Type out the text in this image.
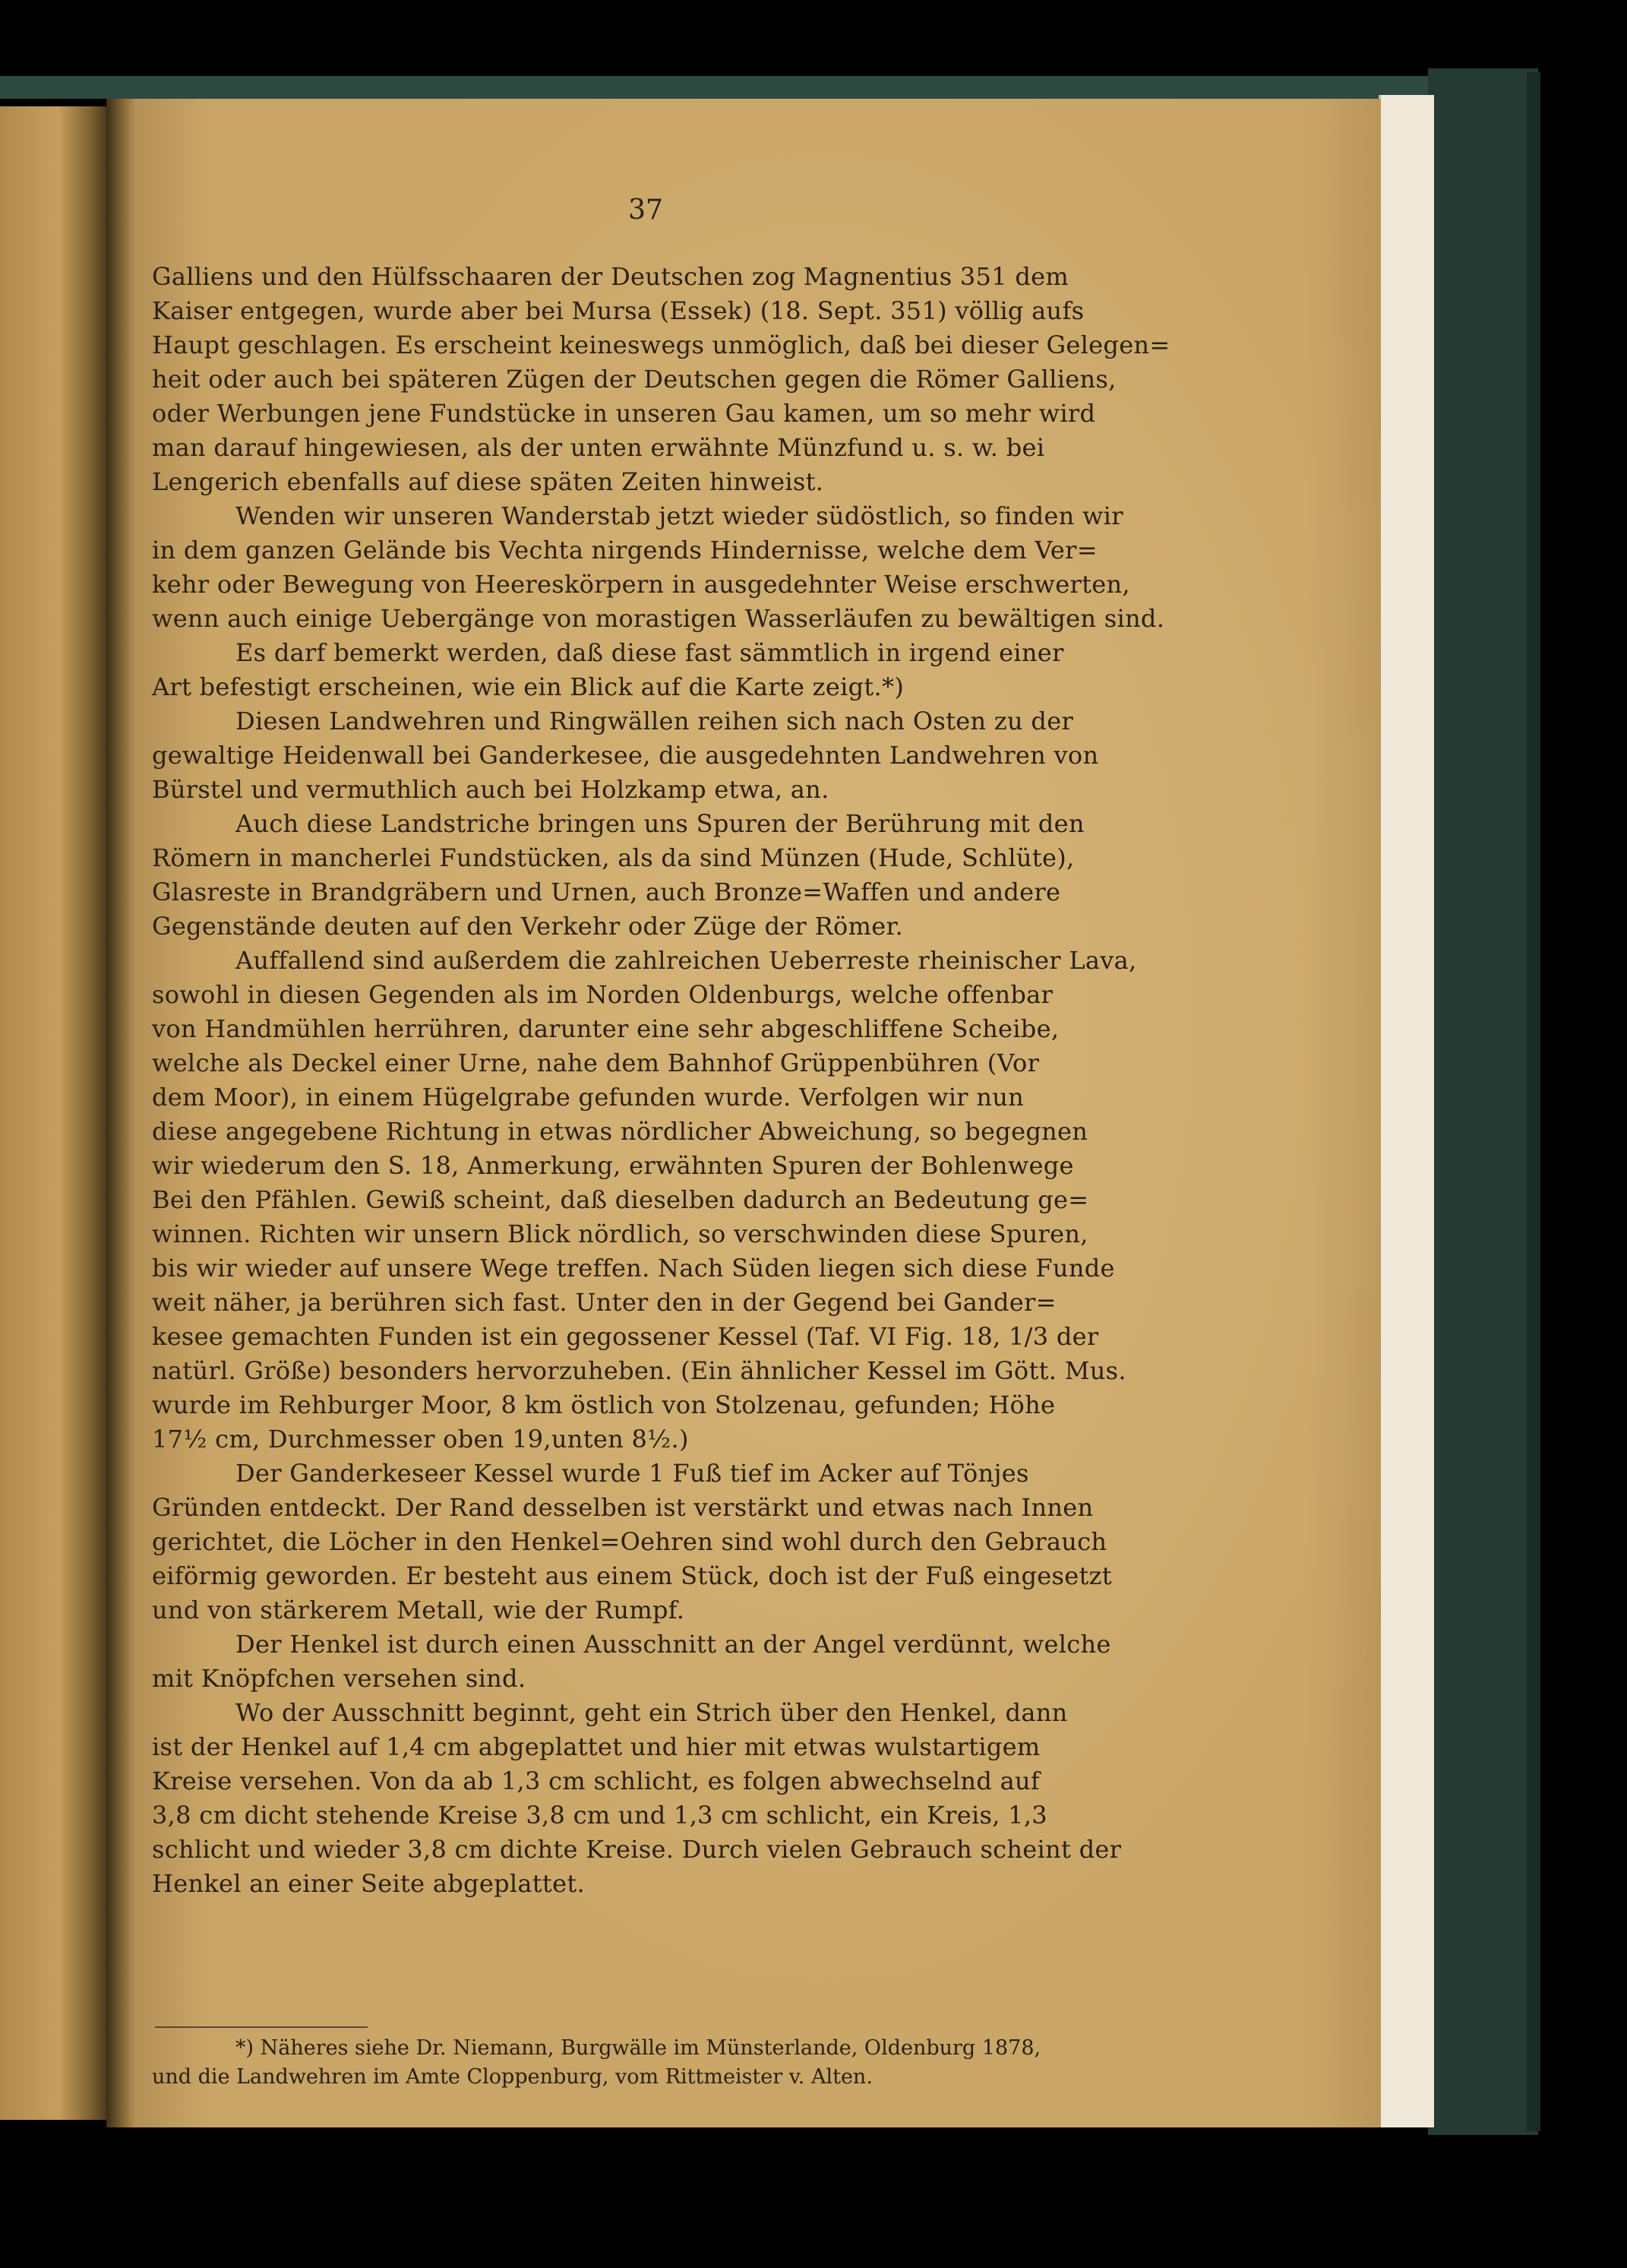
37
Galliens und den Hülfsschaaren der Deutschen zog Magnentius 351 dem
Kaiser entgegen, wurde aber bei Mursa (Essek) (18. Sept. 351) völlig aufs
Haupt geschlagen. Es erscheint keineswegs unmöglich, daß bei dieser Gelegen=
heit oder auch bei späteren Zügen der Deutschen gegen die Römer Galliens,
oder Werbungen jene Fundstücke in unseren Gau kamen, um so mehr wird
man darauf hingewiesen, als der unten erwähnte Münzfund u. s. w. bei
Lengerich ebenfalls auf diese späten Zeiten hinweist.
Wenden wir unseren Wanderstab jetzt wieder südöstlich, so finden wir
in dem ganzen Gelände bis Vechta nirgends Hindernisse, welche dem Ver=
kehr oder Bewegung von Heereskörpern in ausgedehnter Weise erschwerten,
wenn auch einige Uebergänge von morastigen Wasserläufen zu bewältigen sind.
Es darf bemerkt werden, daß diese fast sämmtlich in irgend einer
Art befestigt erscheinen, wie ein Blick auf die Karte zeigt.*)
Diesen Landwehren und Ringwällen reihen sich nach Osten zu der
gewaltige Heidenwall bei Ganderkesee, die ausgedehnten Landwehren von
Bürstel und vermuthlich auch bei Holzkamp etwa, an.
Auch diese Landstriche bringen uns Spuren der Berührung mit den
Römern in mancherlei Fundstücken, als da sind Münzen (Hude, Schlüte),
Glasreste in Brandgräbern und Urnen, auch Bronze=Waffen und andere
Gegenstände deuten auf den Verkehr oder Züge der Römer.
Auffallend sind außerdem die zahlreichen Ueberreste rheinischer Lava,
sowohl in diesen Gegenden als im Norden Oldenburgs, welche offenbar
von Handmühlen herrühren, darunter eine sehr abgeschliffene Scheibe,
welche als Deckel einer Urne, nahe dem Bahnhof Grüppenbühren (Vor
dem Moor), in einem Hügelgrabe gefunden wurde. Verfolgen wir nun
diese angegebene Richtung in etwas nördlicher Abweichung, so begegnen
wir wiederum den S. 18, Anmerkung, erwähnten Spuren der Bohlenwege
Bei den Pfählen. Gewiß scheint, daß dieselben dadurch an Bedeutung ge=
winnen. Richten wir unsern Blick nördlich, so verschwinden diese Spuren,
bis wir wieder auf unsere Wege treffen. Nach Süden liegen sich diese Funde
weit näher, ja berühren sich fast. Unter den in der Gegend bei Gander=
kesee gemachten Funden ist ein gegossener Kessel (Taf. VI Fig. 18, 1/3 der
natürl. Größe) besonders hervorzuheben. (Ein ähnlicher Kessel im Gött. Mus.
wurde im Rehburger Moor, 8 km östlich von Stolzenau, gefunden; Höhe
17½ cm, Durchmesser oben 19,unten 8½.)
Der Ganderkeseer Kessel wurde 1 Fuß tief im Acker auf Tönjes
Gründen entdeckt. Der Rand desselben ist verstärkt und etwas nach Innen
gerichtet, die Löcher in den Henkel=Oehren sind wohl durch den Gebrauch
eiförmig geworden. Er besteht aus einem Stück, doch ist der Fuß eingesetzt
und von stärkerem Metall, wie der Rumpf.
Der Henkel ist durch einen Ausschnitt an der Angel verdünnt, welche
mit Knöpfchen versehen sind.
Wo der Ausschnitt beginnt, geht ein Strich über den Henkel, dann
ist der Henkel auf 1,4 cm abgeplattet und hier mit etwas wulstartigem
Kreise versehen. Von da ab 1,3 cm schlicht, es folgen abwechselnd auf
3,8 cm dicht stehende Kreise 3,8 cm und 1,3 cm schlicht, ein Kreis, 1,3
schlicht und wieder 3,8 cm dichte Kreise. Durch vielen Gebrauch scheint der
Henkel an einer Seite abgeplattet.
*) Näheres siehe Dr. Niemann, Burgwälle im Münsterlande, Oldenburg 1878,
und die Landwehren im Amte Cloppenburg, vom Rittmeister v. Alten.
